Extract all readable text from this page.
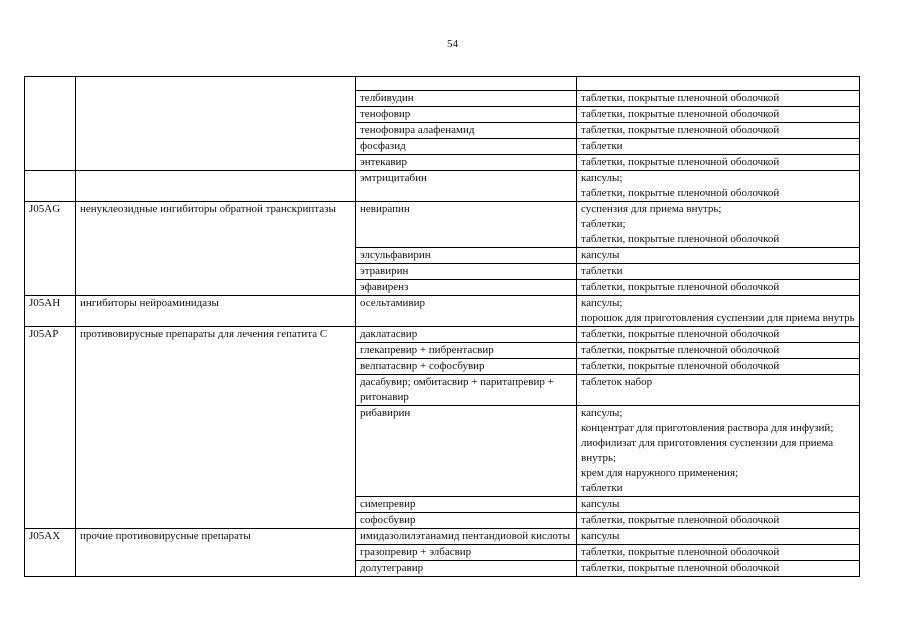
54

		телбивудин	таблетки, покрытые пленочной оболочкой

		тенофовир	таблетки, покрытые пленочной оболочкой

		тенофовира алафенамид	таблетки, покрытые пленочной оболочкой

		фосфазид	таблетки

		энтекавир	таблетки, покрытые пленочной оболочкой

		эмтрицитабин	капсулы;
таблетки, покрытые пленочной оболочкой

J05AG	ненуклеозидные ингибиторы обратной транскриптазы	невирапин	суспензия для приема внутрь;
таблетки;
таблетки, покрытые пленочной оболочкой

		элсульфавирин	капсулы

		этравирин	таблетки

		эфавиренз	таблетки, покрытые пленочной оболочкой

J05AH	ингибиторы нейроаминидазы	осельтамивир	капсулы;
порошок для приготовления суспензии для приема внутрь

J05AP	противовирусные препараты для лечения гепатита C	даклатасвир	таблетки, покрытые пленочной оболочкой

		глекапревир + пибрентасвир	таблетки, покрытые пленочной оболочкой

		велпатасвир + софосбувир	таблетки, покрытые пленочной оболочкой

		дасабувир; омбитасвир + паритапревир + ритонавир	таблеток набор

		рибавирин	капсулы;
концентрат для приготовления раствора для инфузий;
лиофилизат для приготовления суспензии для приема внутрь;
крем для наружного применения;
таблетки

		симепревир	капсулы

		софосбувир	таблетки, покрытые пленочной оболочкой

J05AX	прочие противовирусные препараты	имидазолилэтанамид пентандиовой кислоты	капсулы

		гразопревир + элбасвир	таблетки, покрытые пленочной оболочкой

		долутегравир	таблетки, покрытые пленочной оболочкой
